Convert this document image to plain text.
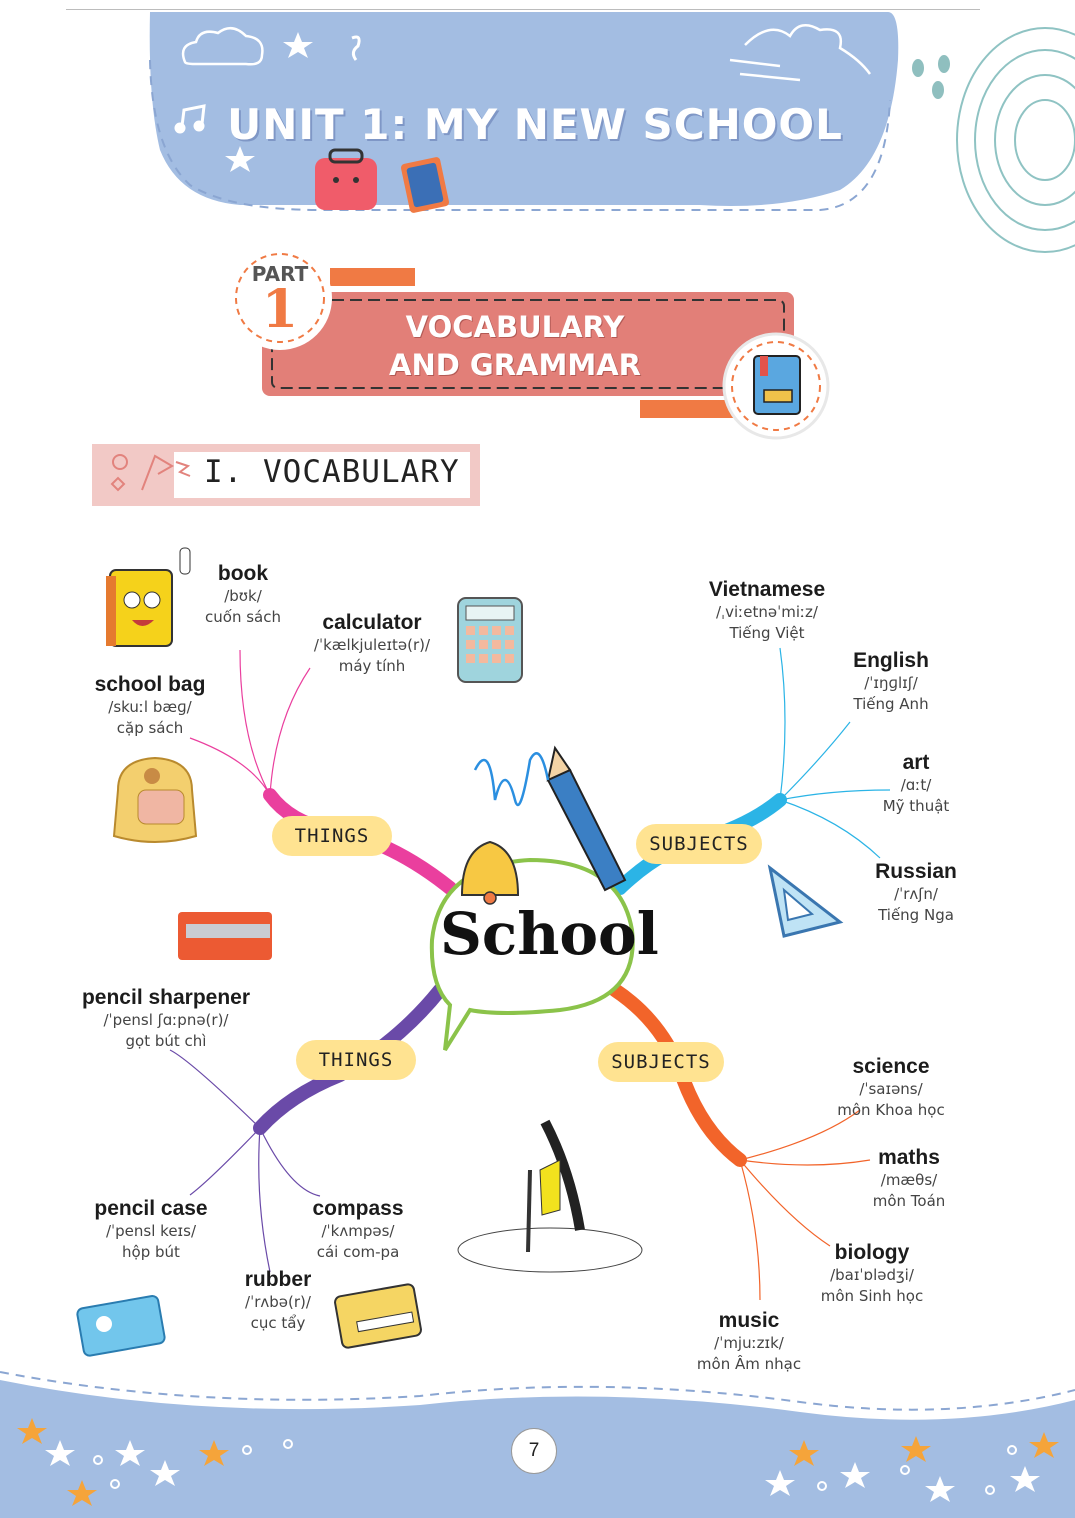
UNIT 1: MY NEW SCHOOL
PART
1	VOCABULARY
AND GRAMMAR
I. VOCABULARY
THINGS	SUBJECTS
THINGS	SUBJECTS
School
book
/bʊk/
cuốn sách	calculator
/ˈkælkjuleɪtə(r)/
máy tính
school bag
/skuːl bæɡ/
cặp sách
Vietnamese
/ˌviːetnəˈmiːz/
Tiếng Việt
English
/ˈɪŋɡlɪʃ/
Tiếng Anh
art
/ɑːt/
Mỹ thuật
Russian
/ˈrʌʃn/
Tiếng Nga
pencil sharpener
/ˈpensl ʃɑːpnə(r)/
gọt bút chì
science
/ˈsaɪəns/
môn Khoa học
maths
/mæθs/
môn Toán
pencil case
/ˈpensl keɪs/
hộp bút
compass
/ˈkʌmpəs/
cái com-pa	biology
/baɪˈɒlədʒi/
môn Sinh học
rubber
/ˈrʌbə(r)/
cục tẩy	music
/ˈmjuːzɪk/
môn Âm nhạc
7
